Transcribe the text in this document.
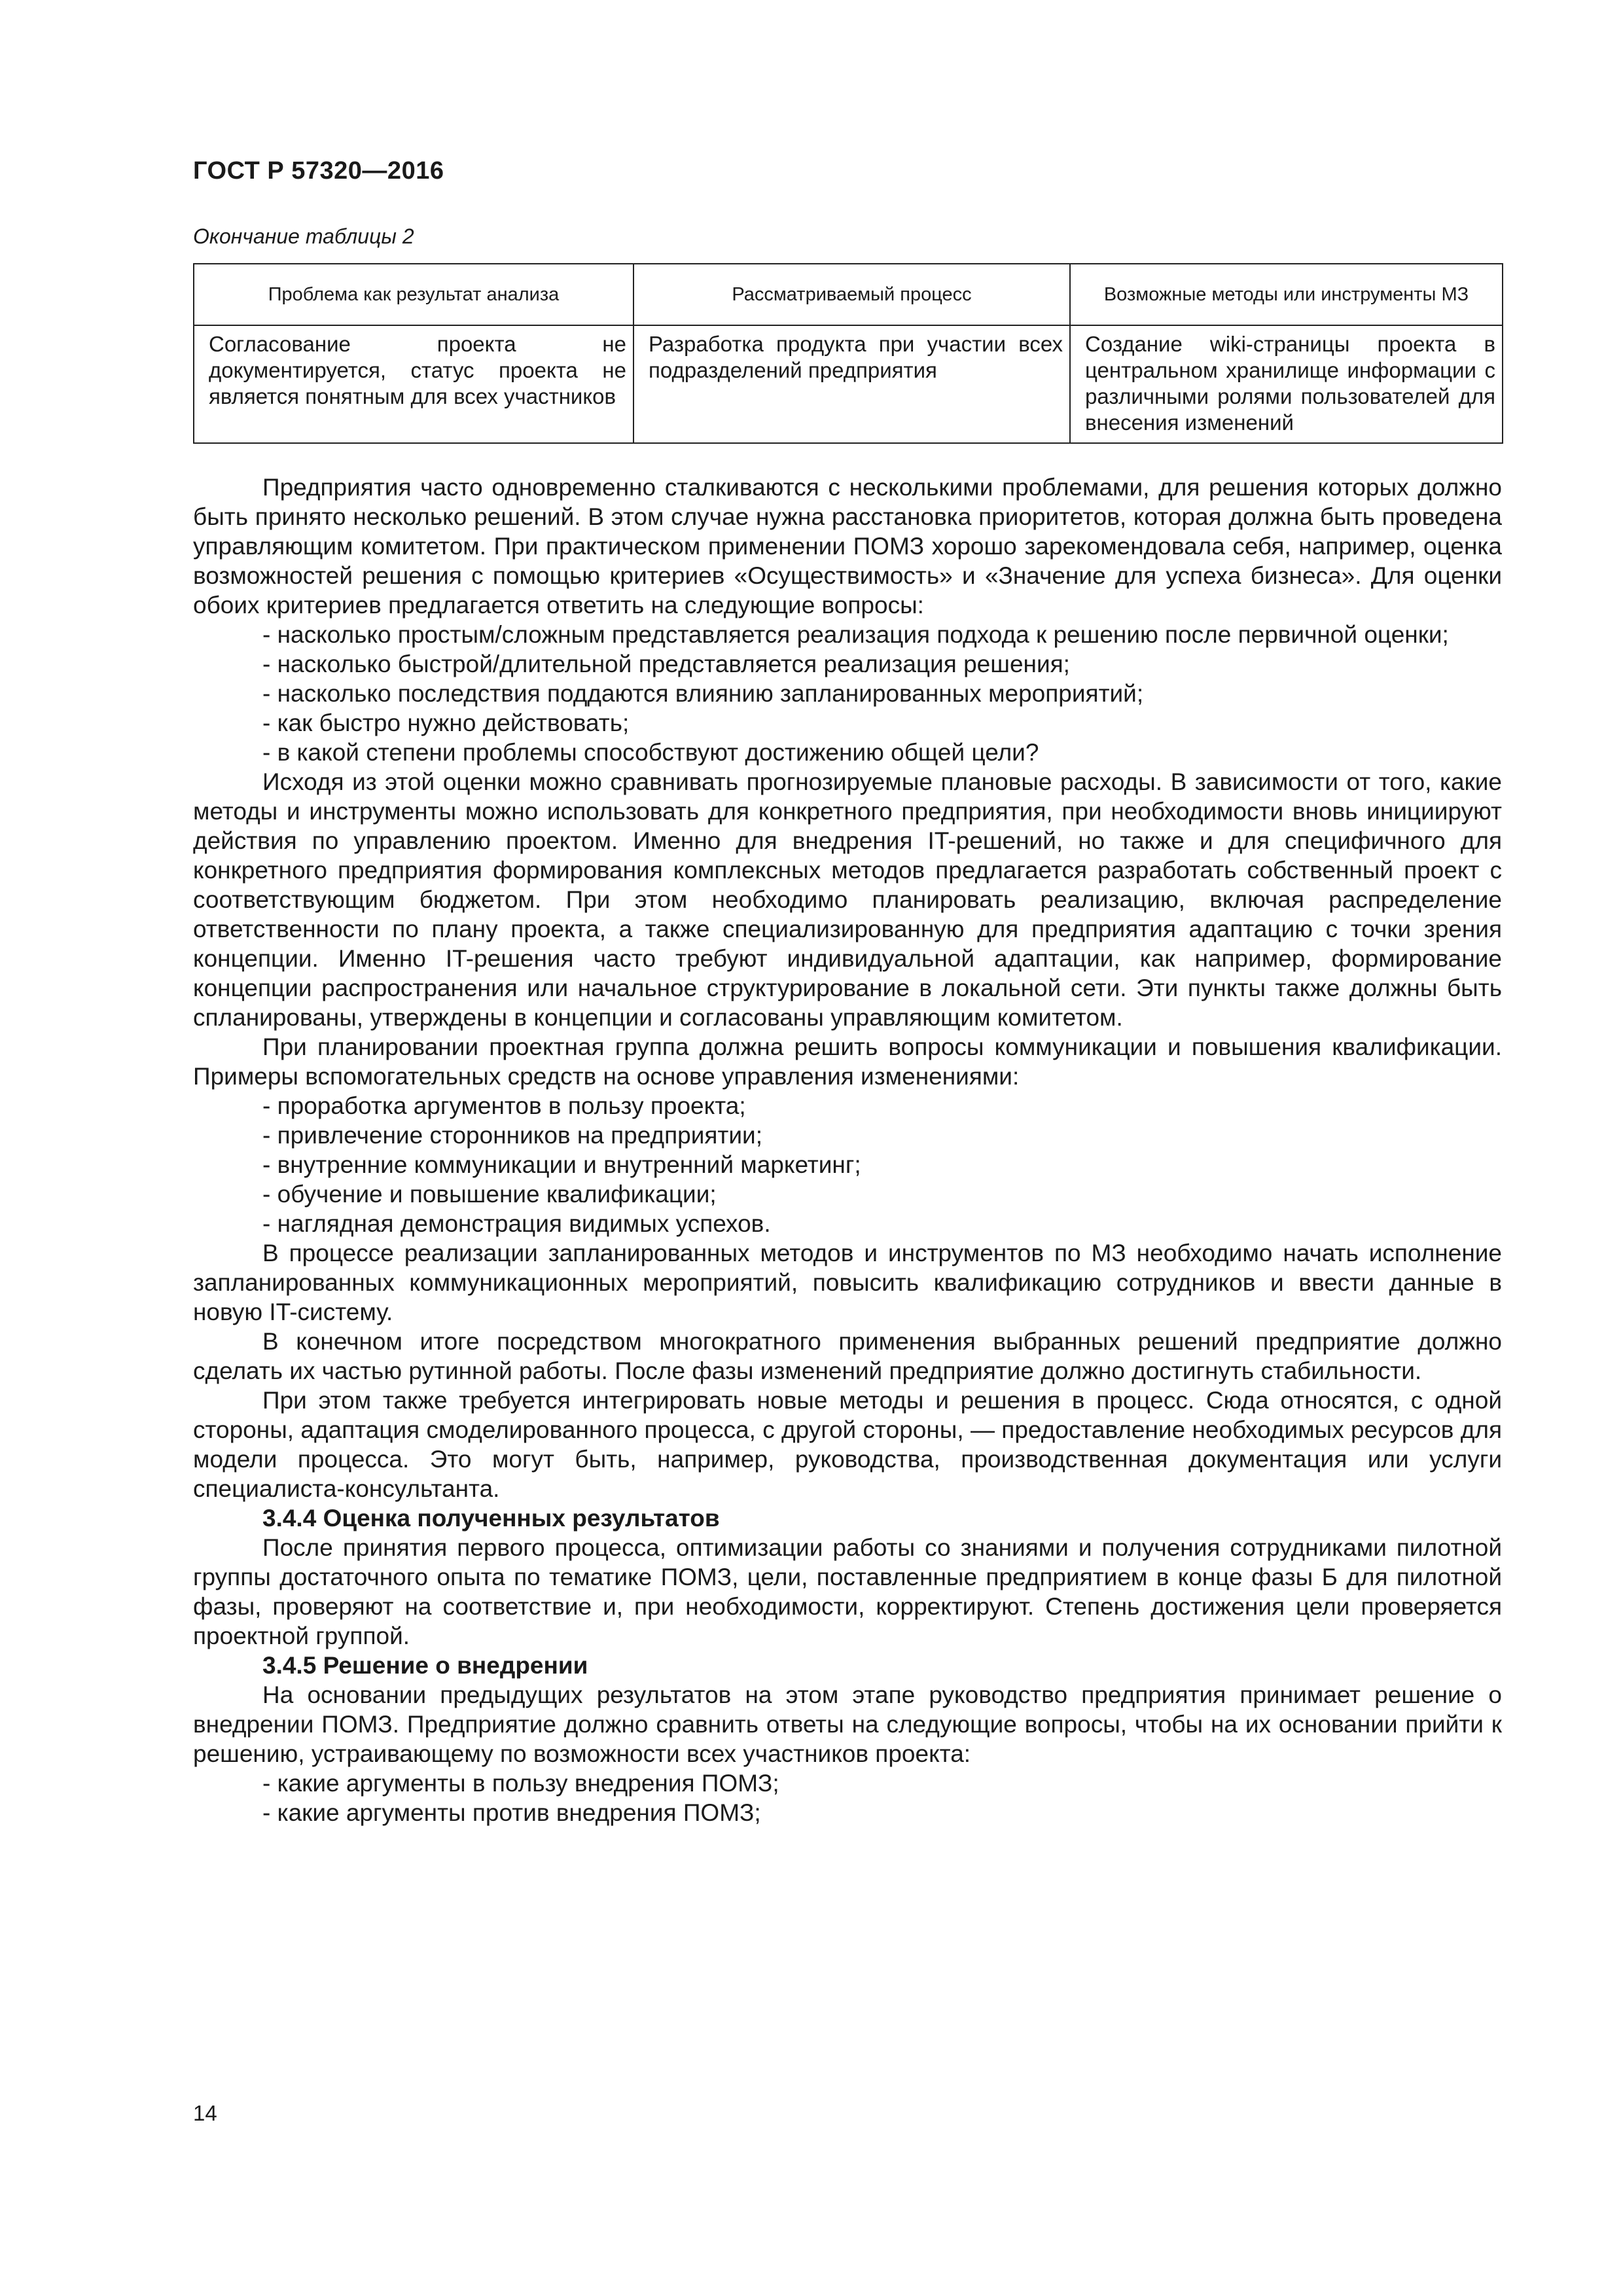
ГОСТ Р 57320—2016
Окончание таблицы 2
Проблема как результат анализа	Рассматриваемый процесс	Возможные методы или инструменты МЗ
Согласование проекта не документируется, статус проекта не является понятным для всех участников	Разработка продукта при участии всех подразделений предприятия	Создание wiki-страницы проекта в центральном хранилище информации с различными ролями пользователей для внесения изменений

Предприятия часто одновременно сталкиваются с несколькими проблемами, для решения которых должно быть принято несколько решений. В этом случае нужна расстановка приоритетов, которая должна быть проведена управляющим комитетом. При практическом применении ПОМЗ хорошо зарекомендовала себя, например, оценка возможностей решения с помощью критериев «Осуществимость» и «Значение для успеха бизнеса». Для оценки обоих критериев предлагается ответить на следующие вопросы:

- насколько простым/сложным представляется реализация подхода к решению после первичной оценки;

- насколько быстрой/длительной представляется реализация решения;

- насколько последствия поддаются влиянию запланированных мероприятий;

- как быстро нужно действовать;

- в какой степени проблемы способствуют достижению общей цели?

Исходя из этой оценки можно сравнивать прогнозируемые плановые расходы. В зависимости от того, какие методы и инструменты можно использовать для конкретного предприятия, при необходимости вновь инициируют действия по управлению проектом. Именно для внедрения IT-решений, но также и для специфичного для конкретного предприятия формирования комплексных методов предлагается разработать собственный проект с соответствующим бюджетом. При этом необходимо планировать реализацию, включая распределение ответственности по плану проекта, а также специализированную для предприятия адаптацию с точки зрения концепции. Именно IT-решения часто требуют индивидуальной адаптации, как например, формирование концепции распространения или начальное структурирование в локальной сети. Эти пункты также должны быть спланированы, утверждены в концепции и согласованы управляющим комитетом.

При планировании проектная группа должна решить вопросы коммуникации и повышения квалификации. Примеры вспомогательных средств на основе управления изменениями:

- проработка аргументов в пользу проекта;

- привлечение сторонников на предприятии;

- внутренние коммуникации и внутренний маркетинг;

- обучение и повышение квалификации;

- наглядная демонстрация видимых успехов.

В процессе реализации запланированных методов и инструментов по МЗ необходимо начать исполнение запланированных коммуникационных мероприятий, повысить квалификацию сотрудников и ввести данные в новую IT-систему.

В конечном итоге посредством многократного применения выбранных решений предприятие должно сделать их частью рутинной работы. После фазы изменений предприятие должно достигнуть стабильности.

При этом также требуется интегрировать новые методы и решения в процесс. Сюда относятся, с одной стороны, адаптация смоделированного процесса, с другой стороны, — предоставление необходимых ресурсов для модели процесса. Это могут быть, например, руководства, производственная документация или услуги специалиста-консультанта.

3.4.4 Оценка полученных результатов

После принятия первого процесса, оптимизации работы со знаниями и получения сотрудниками пилотной группы достаточного опыта по тематике ПОМЗ, цели, поставленные предприятием в конце фазы Б для пилотной фазы, проверяют на соответствие и, при необходимости, корректируют. Степень достижения цели проверяется проектной группой.

3.4.5 Решение о внедрении

На основании предыдущих результатов на этом этапе руководство предприятия принимает решение о внедрении ПОМЗ. Предприятие должно сравнить ответы на следующие вопросы, чтобы на их основании прийти к решению, устраивающему по возможности всех участников проекта:

- какие аргументы в пользу внедрения ПОМЗ;

- какие аргументы против внедрения ПОМЗ;

14
